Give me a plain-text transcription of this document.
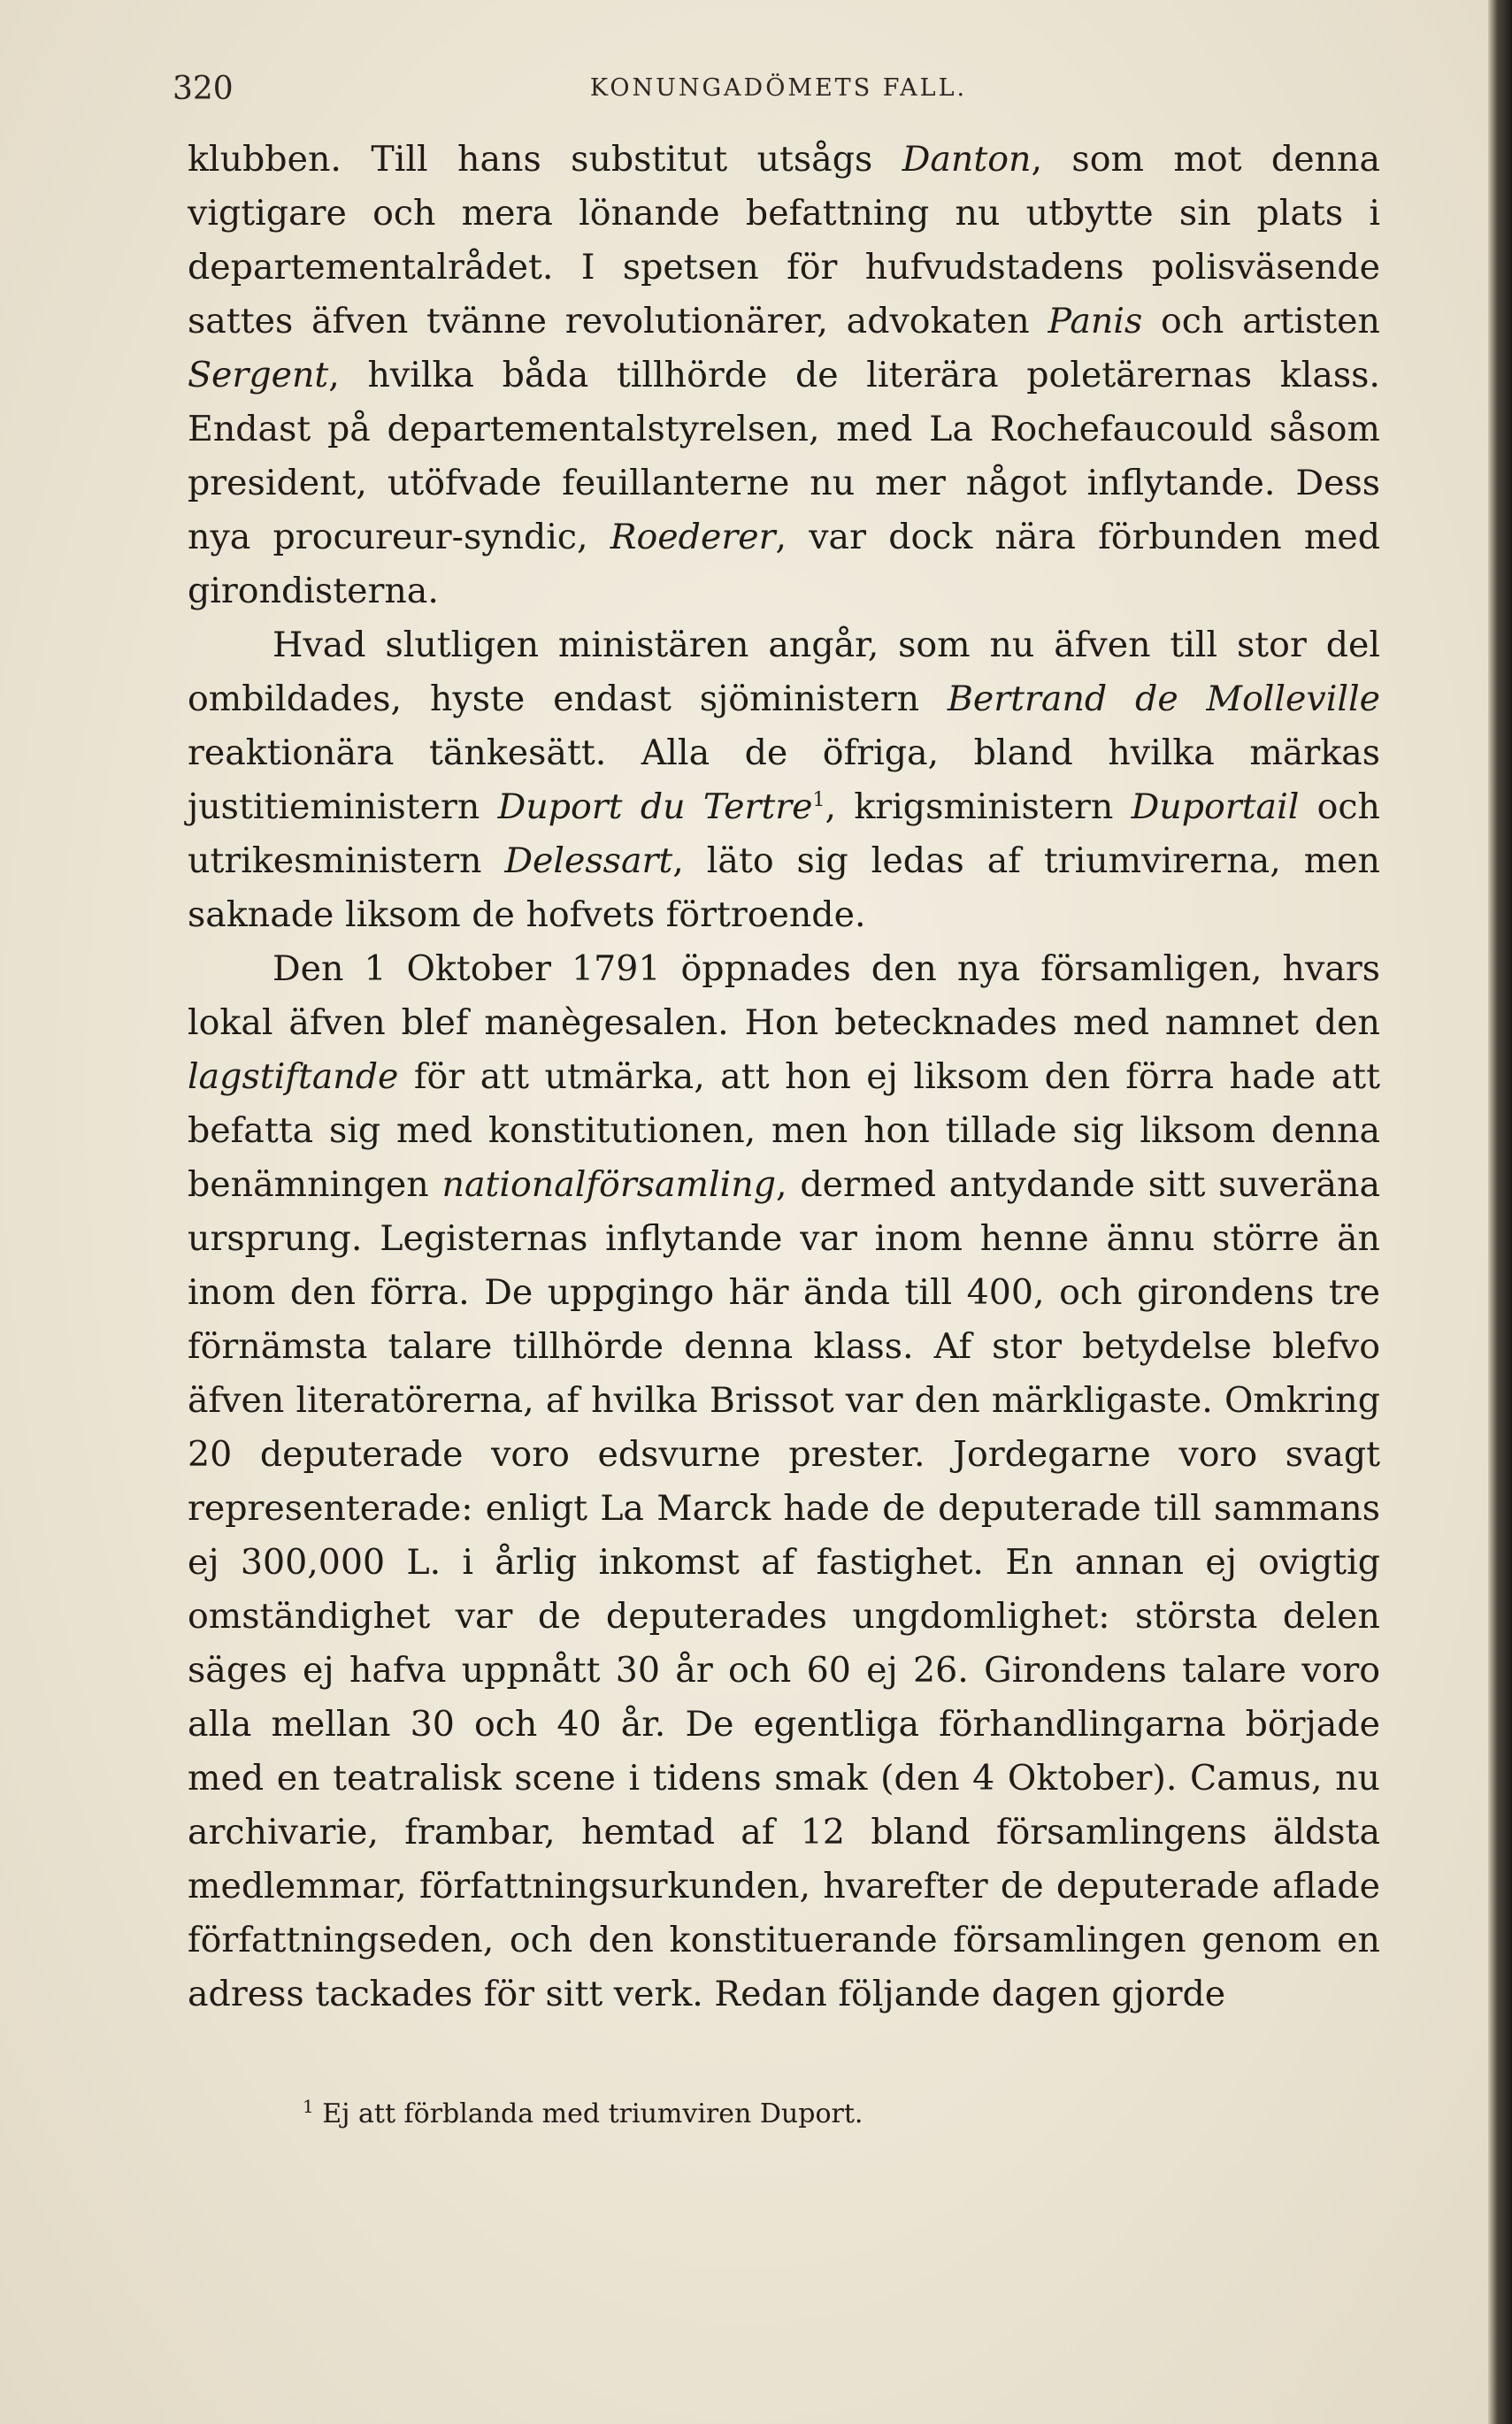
320	KONUNGADÖMETS FALL.

klubben. Till hans substitut utsågs Danton, som mot denna vigtigare och mera lönande befattning nu utbytte sin plats i departementalrådet. I spetsen för hufvudstadens polisväsende sattes äfven tvänne revolutionärer, advokaten Panis och artisten Sergent, hvilka båda tillhörde de literära poletärernas klass. Endast på departementalstyrelsen, med La Rochefaucould såsom president, utöfvade feuillanterne nu mer något inflytande. Dess nya procureur-syndic, Roederer, var dock nära förbunden med girondisterna.

Hvad slutligen ministären angår, som nu äfven till stor del ombildades, hyste endast sjöministern Bertrand de Molleville reaktionära tänkesätt. Alla de öfriga, bland hvilka märkas justitieministern Duport du Tertre$^1$, krigsministern Duportail och utrikesministern Delessart, läto sig ledas af triumvirerna, men saknade liksom de hofvets förtroende.

Den 1 Oktober 1791 öppnades den nya församligen, hvars lokal äfven blef manègesalen. Hon betecknades med namnet den lagstiftande för att utmärka, att hon ej liksom den förra hade att befatta sig med konstitutionen, men hon tillade sig liksom denna benämningen nationalförsamling, dermed antydande sitt suveräna ursprung. Legisternas inflytande var inom henne ännu större än inom den förra. De uppgingo här ända till 400, och girondens tre förnämsta talare tillhörde denna klass. Af stor betydelse blefvo äfven literatörerna, af hvilka Brissot var den märkligaste. Omkring 20 deputerade voro edsvurne prester. Jordegarne voro svagt representerade: enligt La Marck hade de deputerade till sammans ej 300,000 L. i årlig inkomst af fastighet. En annan ej ovigtig omständighet var de deputerades ungdomlighet: största delen säges ej hafva uppnått 30 år och 60 ej 26. Girondens talare voro alla mellan 30 och 40 år. De egentliga förhandlingarna började med en teatralisk scene i tidens smak (den 4 Oktober). Camus, nu archivarie, frambar, hemtad af 12 bland församlingens äldsta medlemmar, författningsurkunden, hvarefter de deputerade aflade författningseden, och den konstituerande församlingen genom en adress tackades för sitt verk. Redan följande dagen gjorde

$^1$ Ej att förblanda med triumviren Duport.
